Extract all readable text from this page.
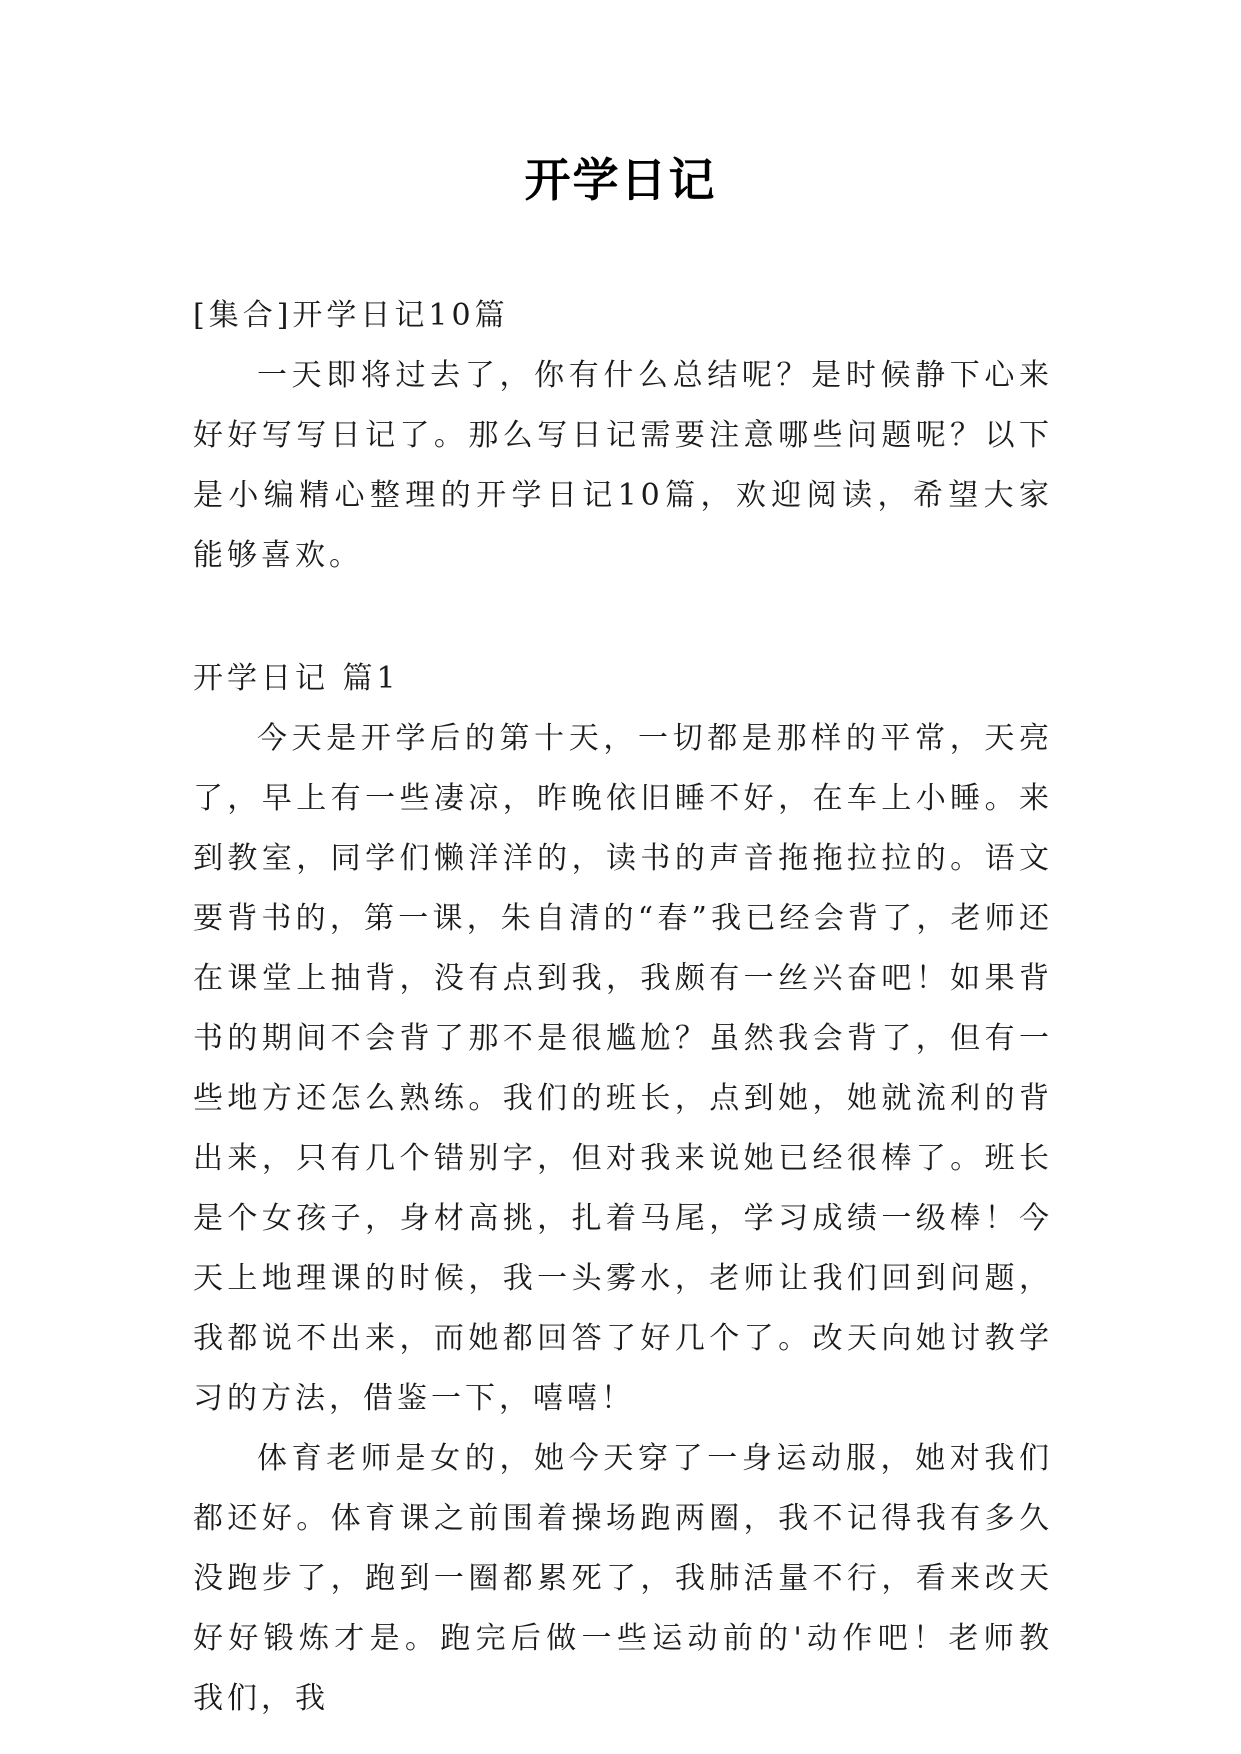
开学日记

[集合]开学日记10篇

一天即将过去了，你有什么总结呢？是时候静下心来好好写写日记了。那么写日记需要注意哪些问题呢？以下是小编精心整理的开学日记10篇，欢迎阅读，希望大家能够喜欢。

开学日记 篇1

今天是开学后的第十天，一切都是那样的平常，天亮了，早上有一些凄凉，昨晚依旧睡不好，在车上小睡。来到教室，同学们懒洋洋的，读书的声音拖拖拉拉的。语文要背书的，第一课，朱自清的“春”我已经会背了，老师还在课堂上抽背，没有点到我，我颇有一丝兴奋吧！如果背书的期间不会背了那不是很尴尬？虽然我会背了，但有一些地方还怎么熟练。我们的班长，点到她，她就流利的背出来，只有几个错别字，但对我来说她已经很棒了。班长是个女孩子，身材高挑，扎着马尾，学习成绩一级棒！今天上地理课的时候，我一头雾水，老师让我们回到问题，我都说不出来，而她都回答了好几个了。改天向她讨教学习的方法，借鉴一下，嘻嘻！

体育老师是女的，她今天穿了一身运动服，她对我们都还好。体育课之前围着操场跑两圈，我不记得我有多久没跑步了，跑到一圈都累死了，我肺活量不行，看来改天好好锻炼才是。跑完后做一些运动前的'动作吧！老师教我们，我
